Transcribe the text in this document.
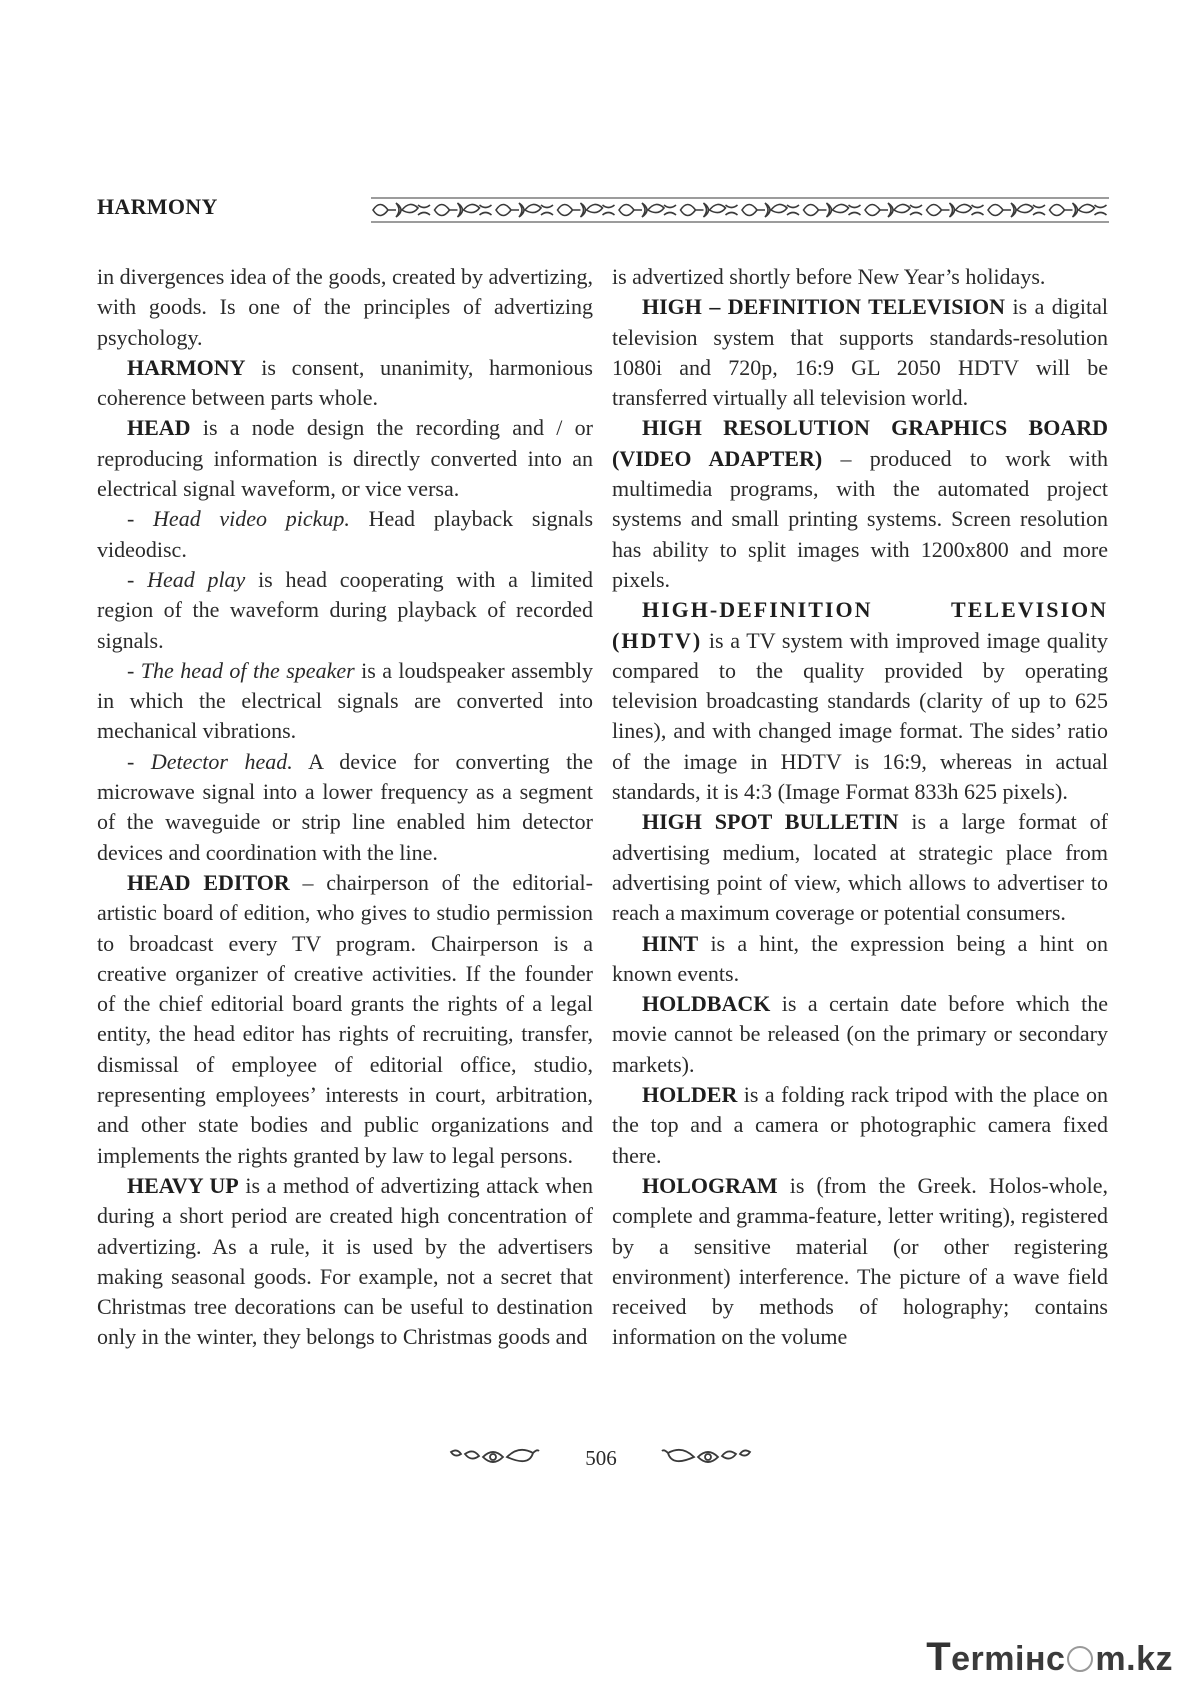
HARMONY

in divergences idea of the goods, created by advertizing, with goods. Is one of the principles of advertizing psychology.

HARMONY is consent, unanimity, harmonious coherence between parts whole.

HEAD is a node design the recording and / or reproducing information is directly converted into an electrical signal waveform, or vice versa.

- Head video pickup. Head playback signals videodisc.

- Head play is head cooperating with a limited region of the waveform during playback of recorded signals.

- The head of the speaker is a loudspeaker assembly in which the electrical signals are converted into mechanical vibrations.

- Detector head. A device for converting the microwave signal into a lower frequency as a segment of the waveguide or strip line enabled him detector devices and coordination with the line.

HEAD EDITOR – chairperson of the editorial-artistic board of edition, who gives to studio permission to broadcast every TV program. Chairperson is a creative organizer of creative activities. If the founder of the chief editorial board grants the rights of a legal entity, the head editor has rights of recruiting, transfer, dismissal of employee of editorial office, studio, representing employees’ interests in court, arbitration, and other state bodies and public organizations and implements the rights granted by law to legal persons.

HEAVY UP is a method of advertizing attack when during a short period are created high concentration of advertizing. As a rule, it is used by the advertisers making seasonal goods. For example, not a secret that Christmas tree decorations can be useful to destination only in the winter, they belongs to Christmas goods and

is advertized shortly before New Year’s holidays.

HIGH – DEFINITION TELEVISION is a digital television system that supports standards-resolution 1080i and 720p, 16:9 GL 2050 HDTV will be transferred virtually all television world.

HIGH RESOLUTION GRAPHICS BOARD (VIDEO ADAPTER) – produced to work with multimedia programs, with the automated project systems and small printing systems. Screen resolution has ability to split images with 1200x800 and more pixels.

HIGH-DEFINITION TELEVISION (HDTV) is a TV system with improved image quality compared to the quality provided by operating television broadcasting standards (clarity of up to 625 lines), and with changed image format. The sides’ ratio of the image in HDTV is 16:9, whereas in actual standards, it is 4:3 (Image Format 833h 625 pixels).

HIGH SPOT BULLETIN is a large format of advertising medium, located at strategic place from advertising point of view, which allows to advertiser to reach a maximum coverage or potential consumers.

HINT is a hint, the expression being a hint on known events.

HOLDBACK is a certain date before which the movie cannot be released (on the primary or secondary markets).

HOLDER is a folding rack tripod with the place on the top and a camera or photographic camera fixed there.

HOLOGRAM is (from the Greek. Holos-whole, complete and gramma-feature, letter writing), registered by a sensitive material (or other registering environment) interference. The picture of a wave field received by methods of holography; contains information on the volume

506
Termінс m.kz
